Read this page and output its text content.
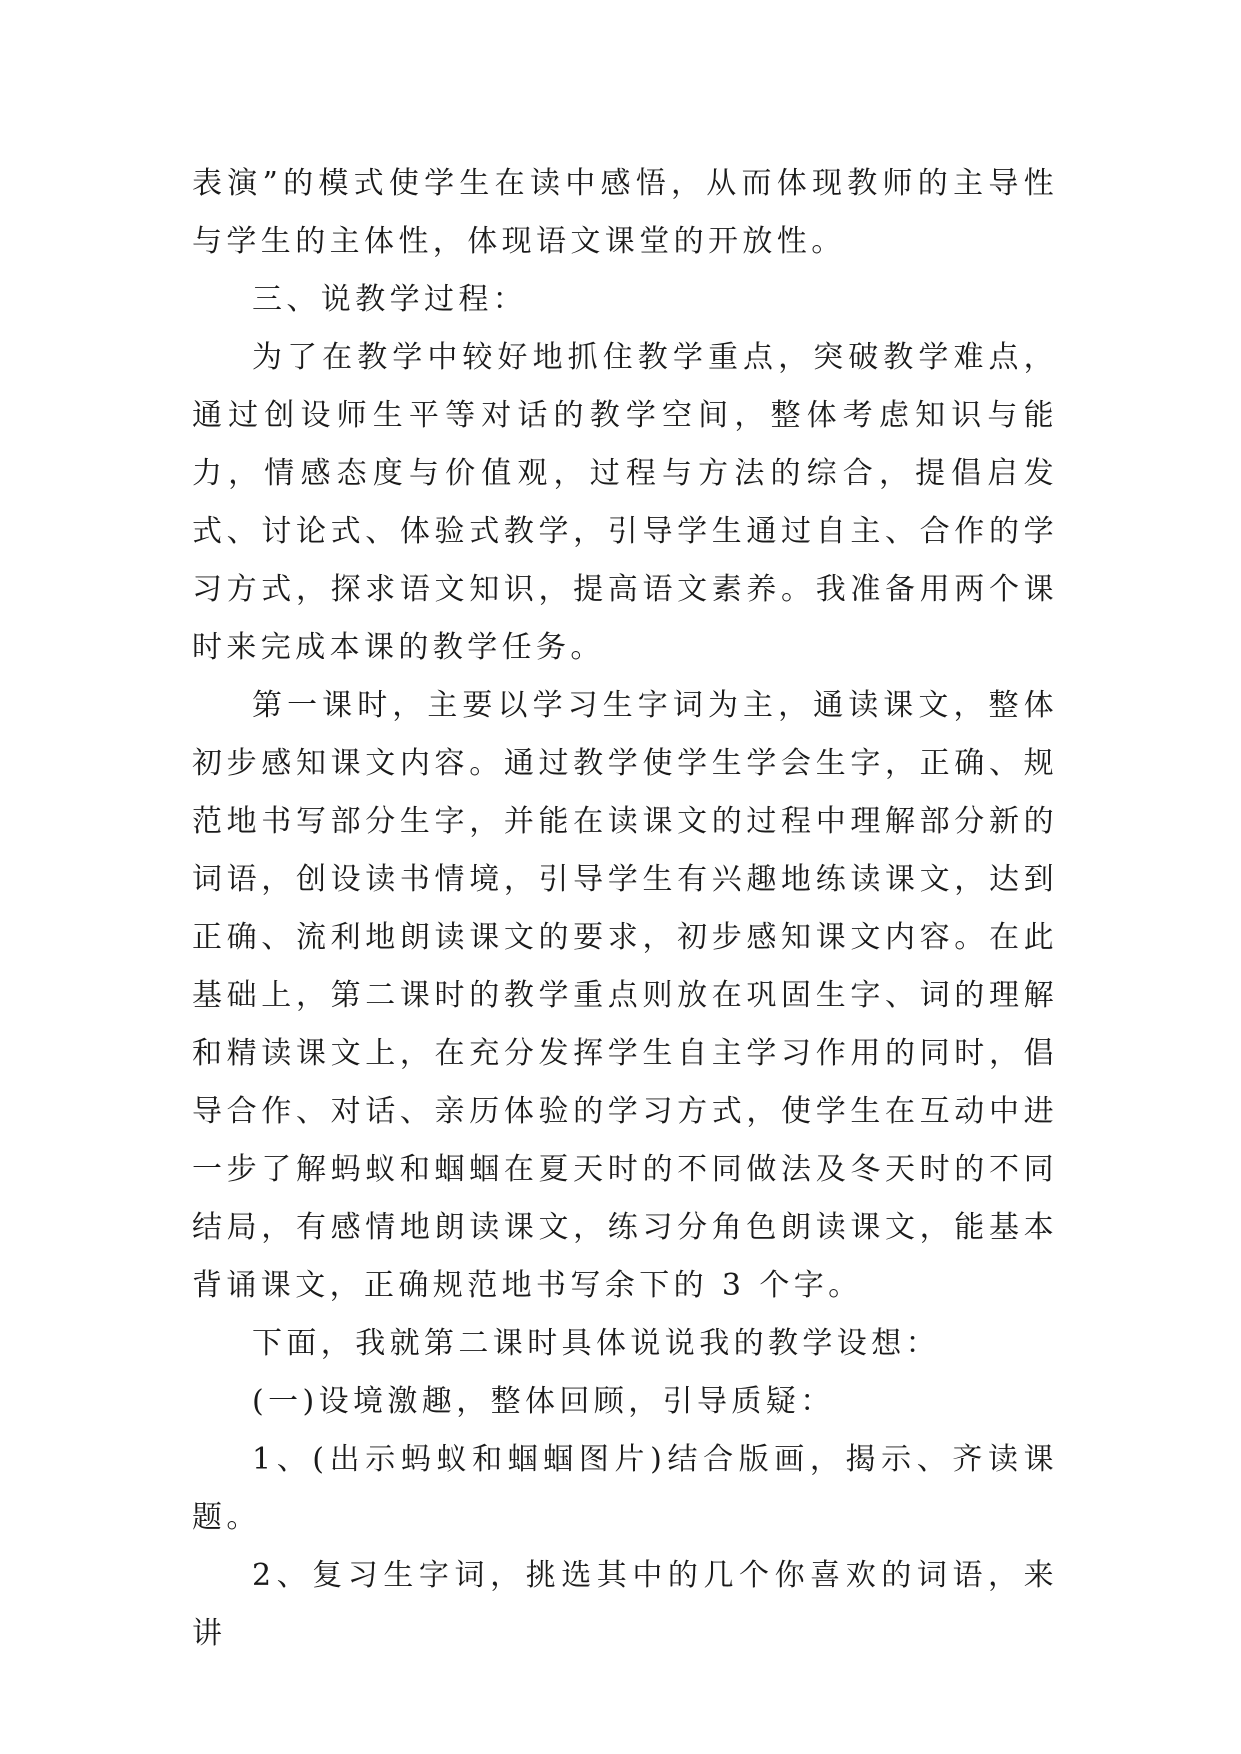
表演”的模式使学生在读中感悟，从而体现教师的主导性与学生的主体性，体现语文课堂的开放性。

三、说教学过程：

为了在教学中较好地抓住教学重点，突破教学难点，通过创设师生平等对话的教学空间，整体考虑知识与能力，情感态度与价值观，过程与方法的综合，提倡启发式、讨论式、体验式教学，引导学生通过自主、合作的学习方式，探求语文知识，提高语文素养。我准备用两个课时来完成本课的教学任务。

第一课时，主要以学习生字词为主，通读课文，整体初步感知课文内容。通过教学使学生学会生字，正确、规范地书写部分生字，并能在读课文的过程中理解部分新的词语，创设读书情境，引导学生有兴趣地练读课文，达到正确、流利地朗读课文的要求，初步感知课文内容。在此基础上，第二课时的教学重点则放在巩固生字、词的理解和精读课文上，在充分发挥学生自主学习作用的同时，倡导合作、对话、亲历体验的学习方式，使学生在互动中进一步了解蚂蚁和蝈蝈在夏天时的不同做法及冬天时的不同结局，有感情地朗读课文，练习分角色朗读课文，能基本背诵课文，正确规范地书写余下的 3 个字。

下面，我就第二课时具体说说我的教学设想：

(一)设境激趣，整体回顾，引导质疑：

1、(出示蚂蚁和蝈蝈图片)结合版画，揭示、齐读课题。

2、复习生字词，挑选其中的几个你喜欢的词语，来讲
